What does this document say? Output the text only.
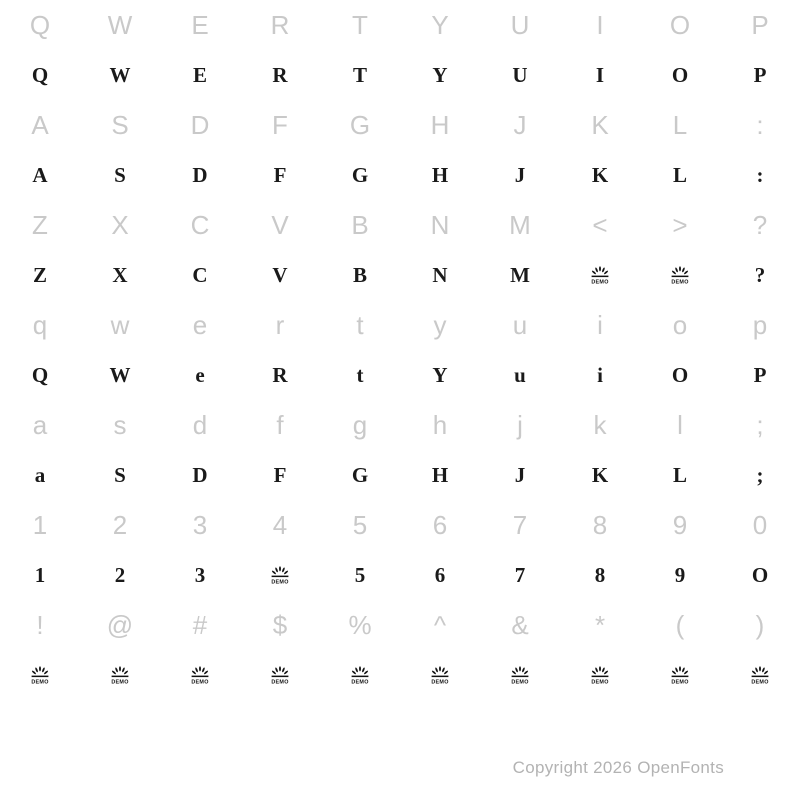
Q	W	E	R	T	Y	U	I	O	P
Q	W	E	R	T	Y	U	I	O	P
A	S	D	F	G	H	J	K	L	:
A	S	D	F	G	H	J	K	L	:
Z	X	C	V	B	N	M	<	>	?
Z	X	C	V	B	N	M	DEMO	DEMO	?
q	w	e	r	t	y	u	i	o	p
Q	W	e	R	t	Y	u	i	O	P
a	s	d	f	g	h	j	k	l	;
a	S	D	F	G	H	J	K	L	;
1	2	3	4	5	6	7	8	9	0
1	2	3	DEMO	5	6	7	8	9	O
!	@	#	$	%	^	&	*	(	)
DEMO	DEMO	DEMO	DEMO	DEMO	DEMO	DEMO	DEMO	DEMO	DEMO
Copyright 2026 OpenFonts
